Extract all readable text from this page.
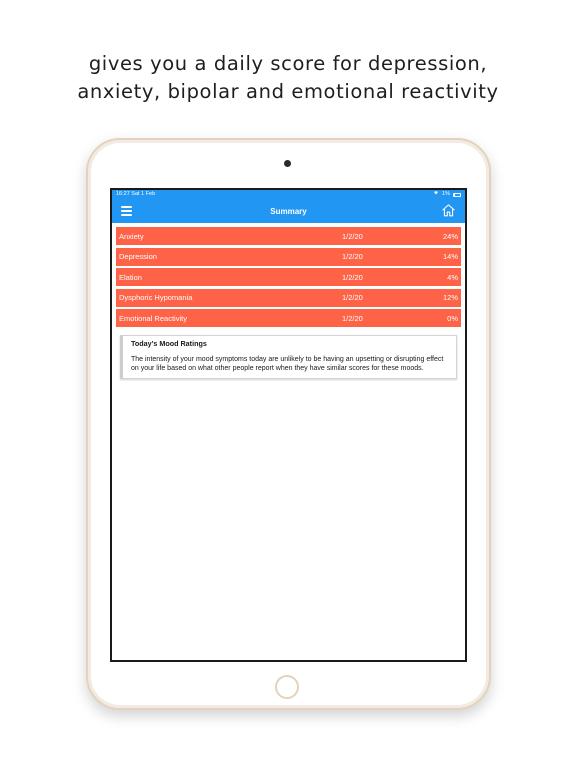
gives you a daily score for depression,
anxiety, bipolar and emotional reactivity
16:27 Sat 1 Feb	1%
Summary
Anxiety	1/2/20	24%
Depression	1/2/20	14%
Elation	1/2/20	4%
Dysphoric Hypomania	1/2/20	12%
Emotional Reactivity	1/2/20	0%
Today's Mood Ratings
The intensity of your mood symptoms today are unlikely to be having an upsetting or disrupting effect on your life based on what other people report when they have similar scores for these moods.
